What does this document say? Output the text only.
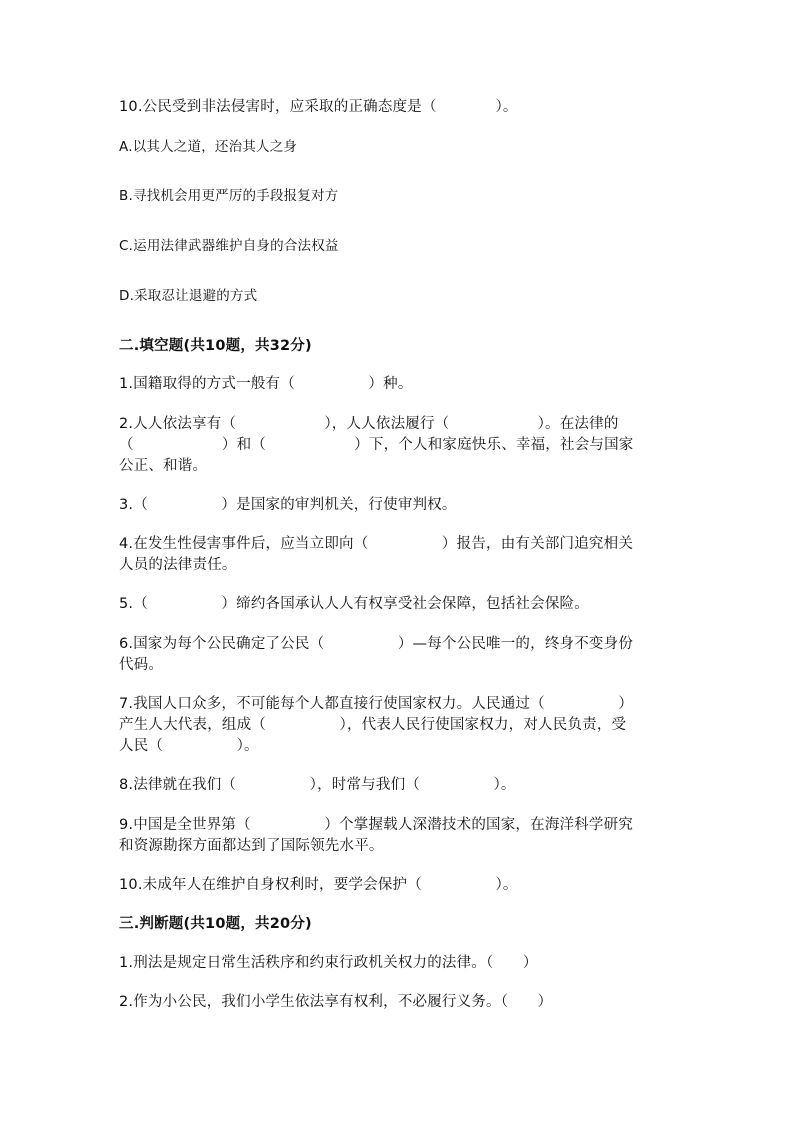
10.公民受到非法侵害时，应采取的正确态度是（　　　　）。
A.以其人之道，还治其人之身
B.寻找机会用更严厉的手段报复对方
C.运用法律武器维护自身的合法权益
D.采取忍让退避的方式
二.填空题(共10题，共32分)
1.国籍取得的方式一般有（　　　　　）种。
2.人人依法享有（　　　　　　），人人依法履行（　　　　　　）。在法律的
（　　　　　　）和（　　　　　　）下，个人和家庭快乐、幸福，社会与国家
公正、和谐。
3.（　　　　　）是国家的审判机关，行使审判权。
4.在发生性侵害事件后，应当立即向（　　　　　）报告，由有关部门追究相关
人员的法律责任。
5.（　　　　　）缔约各国承认人人有权享受社会保障，包括社会保险。
6.国家为每个公民确定了公民（　　　　　）—每个公民唯一的，终身不变身份
代码。
7.我国人口众多，不可能每个人都直接行使国家权力。人民通过（　　　　　）
产生人大代表，组成（　　　　　），代表人民行使国家权力，对人民负责，受
人民（　　　　　）。
8.法律就在我们（　　　　　），时常与我们（　　　　　）。
9.中国是全世界第（　　　　　）个掌握载人深潜技术的国家，在海洋科学研究
和资源勘探方面都达到了国际领先水平。
10.未成年人在维护自身权利时，要学会保护（　　　　　）。
三.判断题(共10题，共20分)
1.刑法是规定日常生活秩序和约束行政机关权力的法律。（　　）
2.作为小公民，我们小学生依法享有权利，不必履行义务。（　　）
